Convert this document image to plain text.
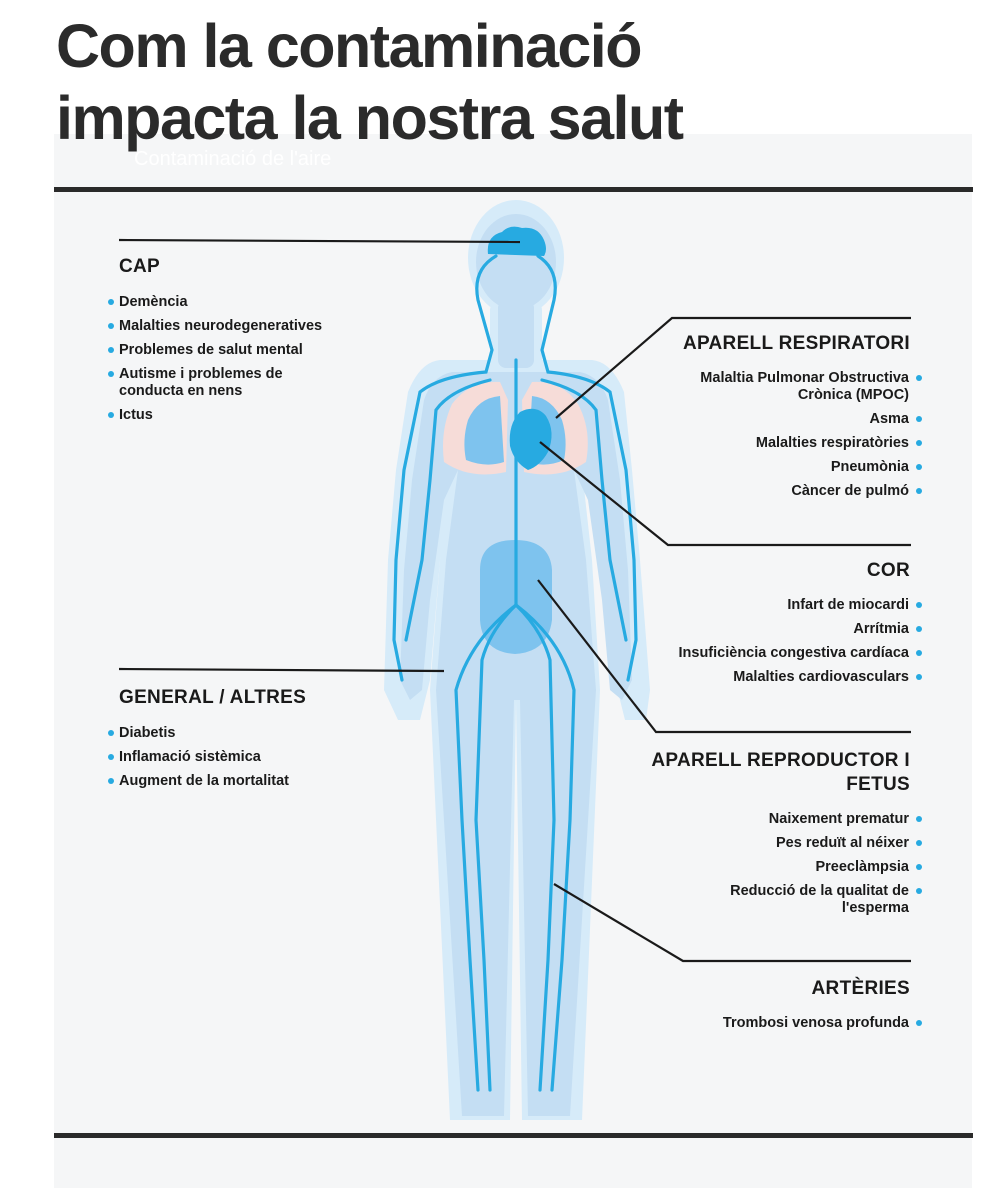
Com la contaminació
impacta la nostra salut
Contaminació de l'aire
CAP
Demència
Malalties neurodegeneratives
Problemes de salut mental
Autisme i problemes de conducta en nens
Ictus
GENERAL / ALTRES
Diabetis
Inflamació sistèmica
Augment de la mortalitat
APARELL RESPIRATORI
Malaltia Pulmonar Obstructiva Crònica (MPOC)
Asma
Malalties respiratòries
Pneumònia
Càncer de pulmó
COR
Infart de miocardi
Arrítmia
Insuficiència congestiva cardíaca
Malalties cardiovasculars
APARELL REPRODUCTOR I FETUS
Naixement prematur
Pes reduït al néixer
Preeclàmpsia
Reducció de la qualitat de l'esperma
ARTÈRIES
Trombosi venosa profunda
